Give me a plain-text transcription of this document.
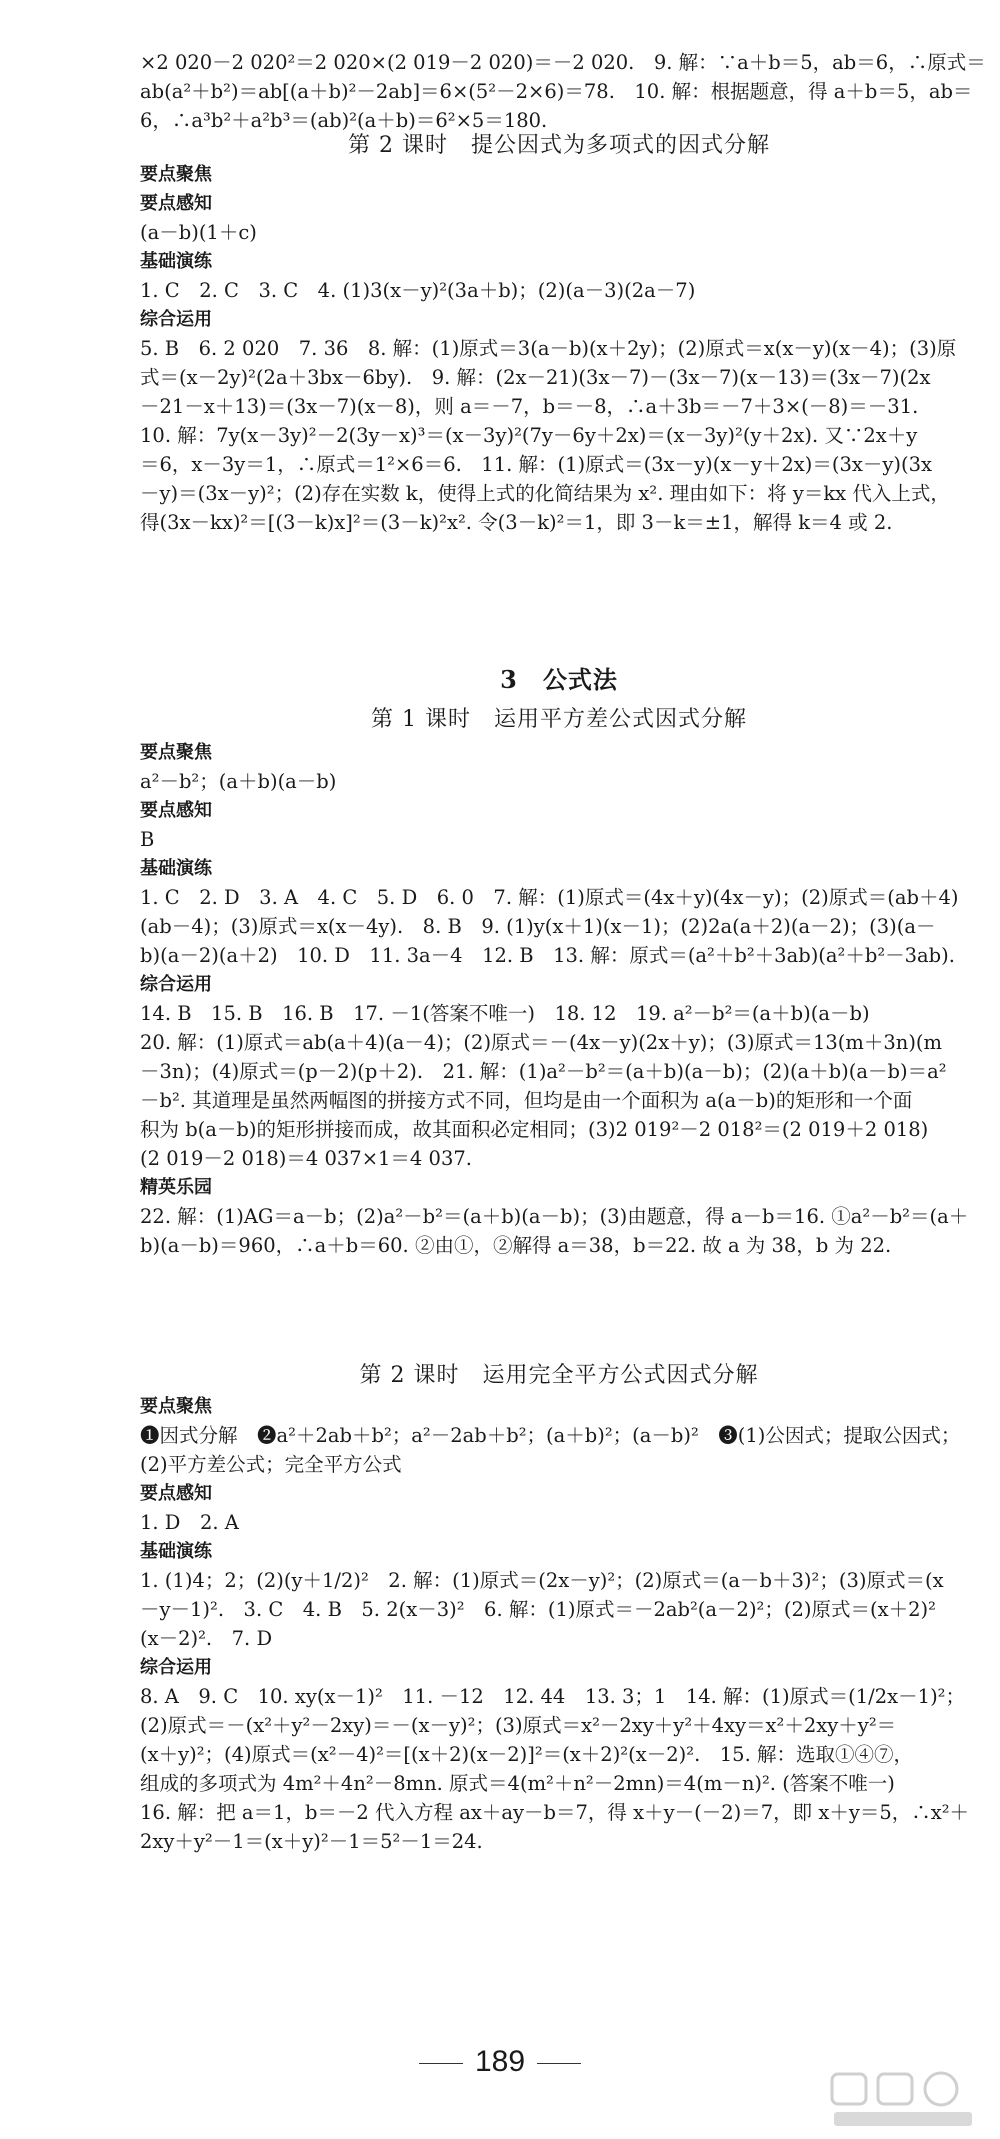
×2 020－2 020²＝2 020×(2 019－2 020)＝－2 020.　9. 解：∵a＋b＝5，ab＝6，∴原式＝
ab(a²＋b²)＝ab[(a＋b)²－2ab]＝6×(5²－2×6)＝78.　10. 解：根据题意，得 a＋b＝5，ab＝
6，∴a³b²＋a²b³＝(ab)²(a＋b)＝6²×5＝180.
第 2 课时　提公因式为多项式的因式分解
要点聚焦
要点感知
(a－b)(1＋c)
基础演练
1. C　2. C　3. C　4. (1)3(x－y)²(3a＋b)；(2)(a－3)(2a－7)
综合运用
5. B　6. 2 020　7. 36　8. 解：(1)原式＝3(a－b)(x＋2y)；(2)原式＝x(x－y)(x－4)；(3)原
式＝(x－2y)²(2a＋3bx－6by).　9. 解：(2x－21)(3x－7)－(3x－7)(x－13)＝(3x－7)(2x
－21－x＋13)＝(3x－7)(x－8)，则 a＝－7，b＝－8，∴a＋3b＝－7＋3×(－8)＝－31.
10. 解：7y(x－3y)²－2(3y－x)³＝(x－3y)²(7y－6y＋2x)＝(x－3y)²(y＋2x). 又∵2x＋y
＝6，x－3y＝1，∴原式＝1²×6＝6.　11. 解：(1)原式＝(3x－y)(x－y＋2x)＝(3x－y)(3x
－y)＝(3x－y)²；(2)存在实数 k，使得上式的化简结果为 x². 理由如下：将 y＝kx 代入上式，
得(3x－kx)²＝[(3－k)x]²＝(3－k)²x². 令(3－k)²＝1，即 3－k＝±1，解得 k＝4 或 2.
3　公式法
第 1 课时　运用平方差公式因式分解
要点聚焦
a²－b²；(a＋b)(a－b)
要点感知
B
基础演练
1. C　2. D　3. A　4. C　5. D　6. 0　7. 解：(1)原式＝(4x＋y)(4x－y)；(2)原式＝(ab＋4)
(ab－4)；(3)原式＝x(x－4y).　8. B　9. (1)y(x＋1)(x－1)；(2)2a(a＋2)(a－2)；(3)(a－
b)(a－2)(a＋2)　10. D　11. 3a－4　12. B　13. 解：原式＝(a²＋b²＋3ab)(a²＋b²－3ab).
综合运用
14. B　15. B　16. B　17. －1(答案不唯一)　18. 12　19. a²－b²＝(a＋b)(a－b)
20. 解：(1)原式＝ab(a＋4)(a－4)；(2)原式＝－(4x－y)(2x＋y)；(3)原式＝13(m＋3n)(m
－3n)；(4)原式＝(p－2)(p＋2).　21. 解：(1)a²－b²＝(a＋b)(a－b)；(2)(a＋b)(a－b)＝a²
－b². 其道理是虽然两幅图的拼接方式不同，但均是由一个面积为 a(a－b)的矩形和一个面
积为 b(a－b)的矩形拼接而成，故其面积必定相同；(3)2 019²－2 018²＝(2 019＋2 018)
(2 019－2 018)＝4 037×1＝4 037.
精英乐园
22. 解：(1)AG＝a－b；(2)a²－b²＝(a＋b)(a－b)；(3)由题意，得 a－b＝16. ①a²－b²＝(a＋
b)(a－b)＝960，∴a＋b＝60. ②由①，②解得 a＝38，b＝22. 故 a 为 38，b 为 22.
第 2 课时　运用完全平方公式因式分解
要点聚焦
❶因式分解　❷a²＋2ab＋b²；a²－2ab＋b²；(a＋b)²；(a－b)²　❸(1)公因式；提取公因式；
(2)平方差公式；完全平方公式
要点感知
1. D　2. A
基础演练
1. (1)4；2；(2)(y＋1/2)²　2. 解：(1)原式＝(2x－y)²；(2)原式＝(a－b＋3)²；(3)原式＝(x
－y－1)².　3. C　4. B　5. 2(x－3)²　6. 解：(1)原式＝－2ab²(a－2)²；(2)原式＝(x＋2)²
(x－2)².　7. D
综合运用
8. A　9. C　10. xy(x－1)²　11. －12　12. 44　13. 3；1　14. 解：(1)原式＝(1/2x－1)²；
(2)原式＝－(x²＋y²－2xy)＝－(x－y)²；(3)原式＝x²－2xy＋y²＋4xy＝x²＋2xy＋y²＝
(x＋y)²；(4)原式＝(x²－4)²＝[(x＋2)(x－2)]²＝(x＋2)²(x－2)².　15. 解：选取①④⑦，
组成的多项式为 4m²＋4n²－8mn. 原式＝4(m²＋n²－2mn)＝4(m－n)². (答案不唯一)
16. 解：把 a＝1，b＝－2 代入方程 ax＋ay－b＝7，得 x＋y－(－2)＝7，即 x＋y＝5，∴x²＋
2xy＋y²－1＝(x＋y)²－1＝5²－1＝24.
189
